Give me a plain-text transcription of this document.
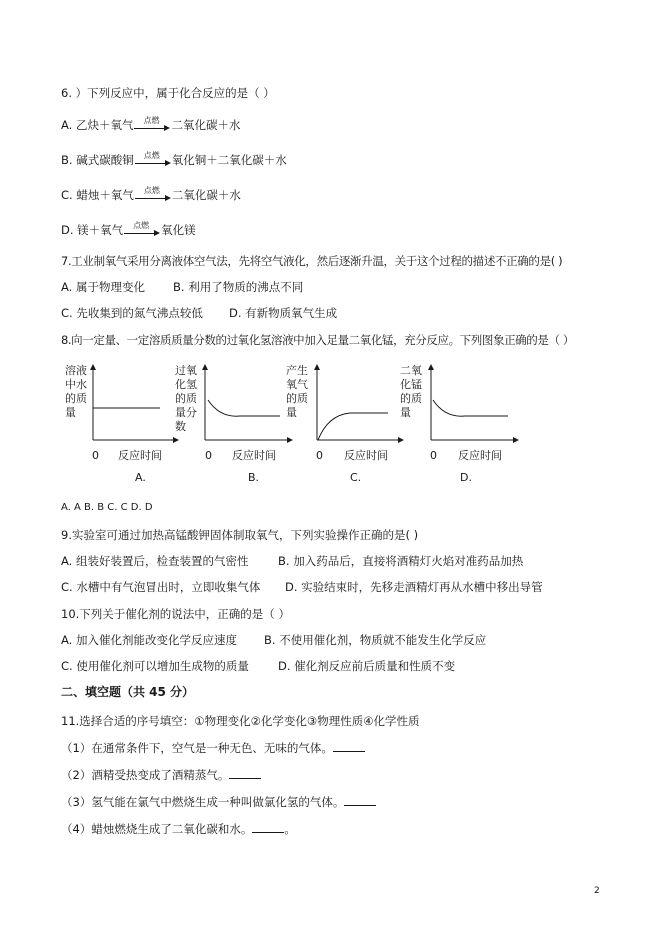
6. ）下列反应中，属于化合反应的是（ ）
A. 乙炔＋氧气	点燃	二氧化碳＋水
B. 碱式碳酸铜	点燃	氧化铜＋二氧化碳＋水
C. 蜡烛＋氧气	点燃	二氧化碳＋水
D. 镁＋氧气	点燃	氧化镁
7.工业制氧气采用分离液体空气法，先将空气液化，然后逐渐升温，关于这个过程的描述不正确的是( )
A. 属于物理变化 B. 利用了物质的沸点不同
C. 先收集到的氮气沸点较低 D. 有新物质氧气生成
8.向一定量、一定溶质质量分数的过氧化氢溶液中加入足量二氧化锰，充分反应。下列图象正确的是（ ）
溶液
中水
的质
量
0 反应时间
A.
过氧
化氢
的质
量分
数
0 反应时间
B.
产生
氧气
的质
量
0 反应时间
C.
二氧
化锰
的质
量
0 反应时间
D.
A. A B. B C. C D. D
9.实验室可通过加热高锰酸钾固体制取氧气，下列实验操作正确的是( )
A. 组装好装置后，检查装置的气密性	B. 加入药品后，直接将酒精灯火焰对准药品加热
C. 水槽中有气泡冒出时，立即收集气体 D. 实验结束时，先移走酒精灯再从水槽中移出导管
10.下列关于催化剂的说法中，正确的是（ ）
A. 加入催化剂能改变化学反应速度 B. 不使用催化剂，物质就不能发生化学反应
C. 使用催化剂可以增加生成物的质量	D. 催化剂反应前后质量和性质不变
二、填空题（共 45 分）
11.选择合适的序号填空：①物理变化②化学变化③物理性质④化学性质
（1）在通常条件下，空气是一种无色、无味的气体。
（2）酒精受热变成了酒精蒸气。
（3）氢气能在氯气中燃烧生成一种叫做氯化氢的气体。
（4）蜡烛燃烧生成了二氧化碳和水。	。
2
